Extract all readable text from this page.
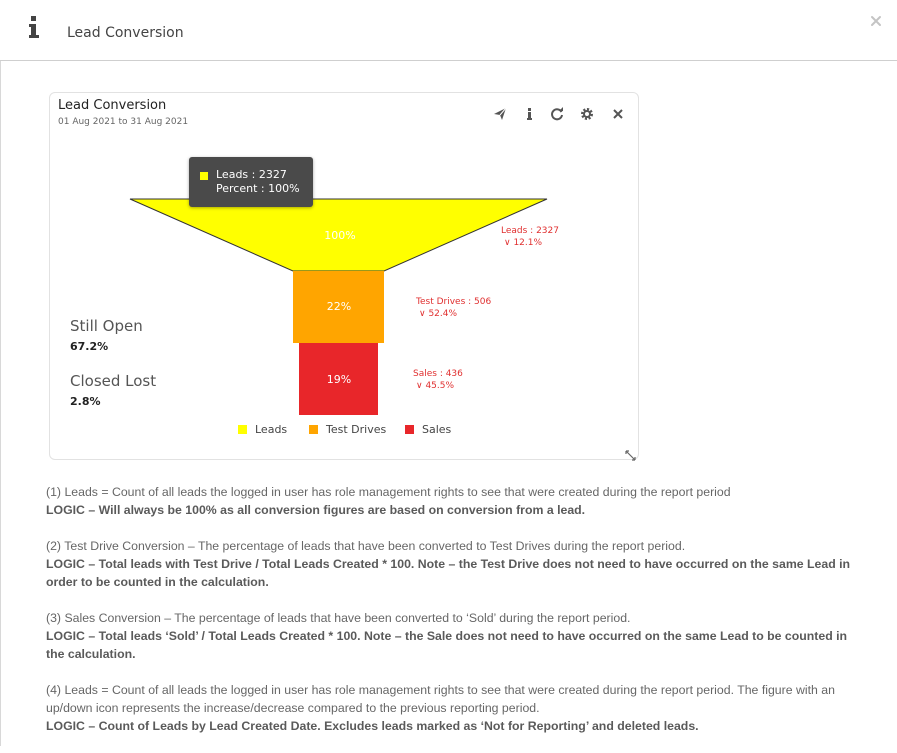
Lead Conversion
Lead Conversion
01 Aug 2021 to 31 Aug 2021
100%	Leads : 2327
∨ 12.1%
22%	Test Drives : 506
∨ 52.4%
19%	Sales : 436
∨ 45.5%
Leads : 2327
Percent : 100%
Still Open
67.2%
Closed Lost
2.8%
Leads	Test Drives	Sales

(1) Leads = Count of all leads the logged in user has role management rights to see that were created during the report period
LOGIC – Will always be 100% as all conversion figures are based on conversion from a lead.

(2) Test Drive Conversion – The percentage of leads that have been converted to Test Drives during the report period.
LOGIC – Total leads with Test Drive / Total Leads Created * 100. Note – the Test Drive does not need to have occurred on the same Lead in order to be counted in the calculation.

(3) Sales Conversion – The percentage of leads that have been converted to ‘Sold’ during the report period.
LOGIC – Total leads ‘Sold’ / Total Leads Created * 100. Note – the Sale does not need to have occurred on the same Lead to be counted in the calculation.

(4) Leads = Count of all leads the logged in user has role management rights to see that were created during the report period. The figure with an up/down icon represents the increase/decrease compared to the previous reporting period.
LOGIC – Count of Leads by Lead Created Date. Excludes leads marked as ‘Not for Reporting’ and deleted leads.
